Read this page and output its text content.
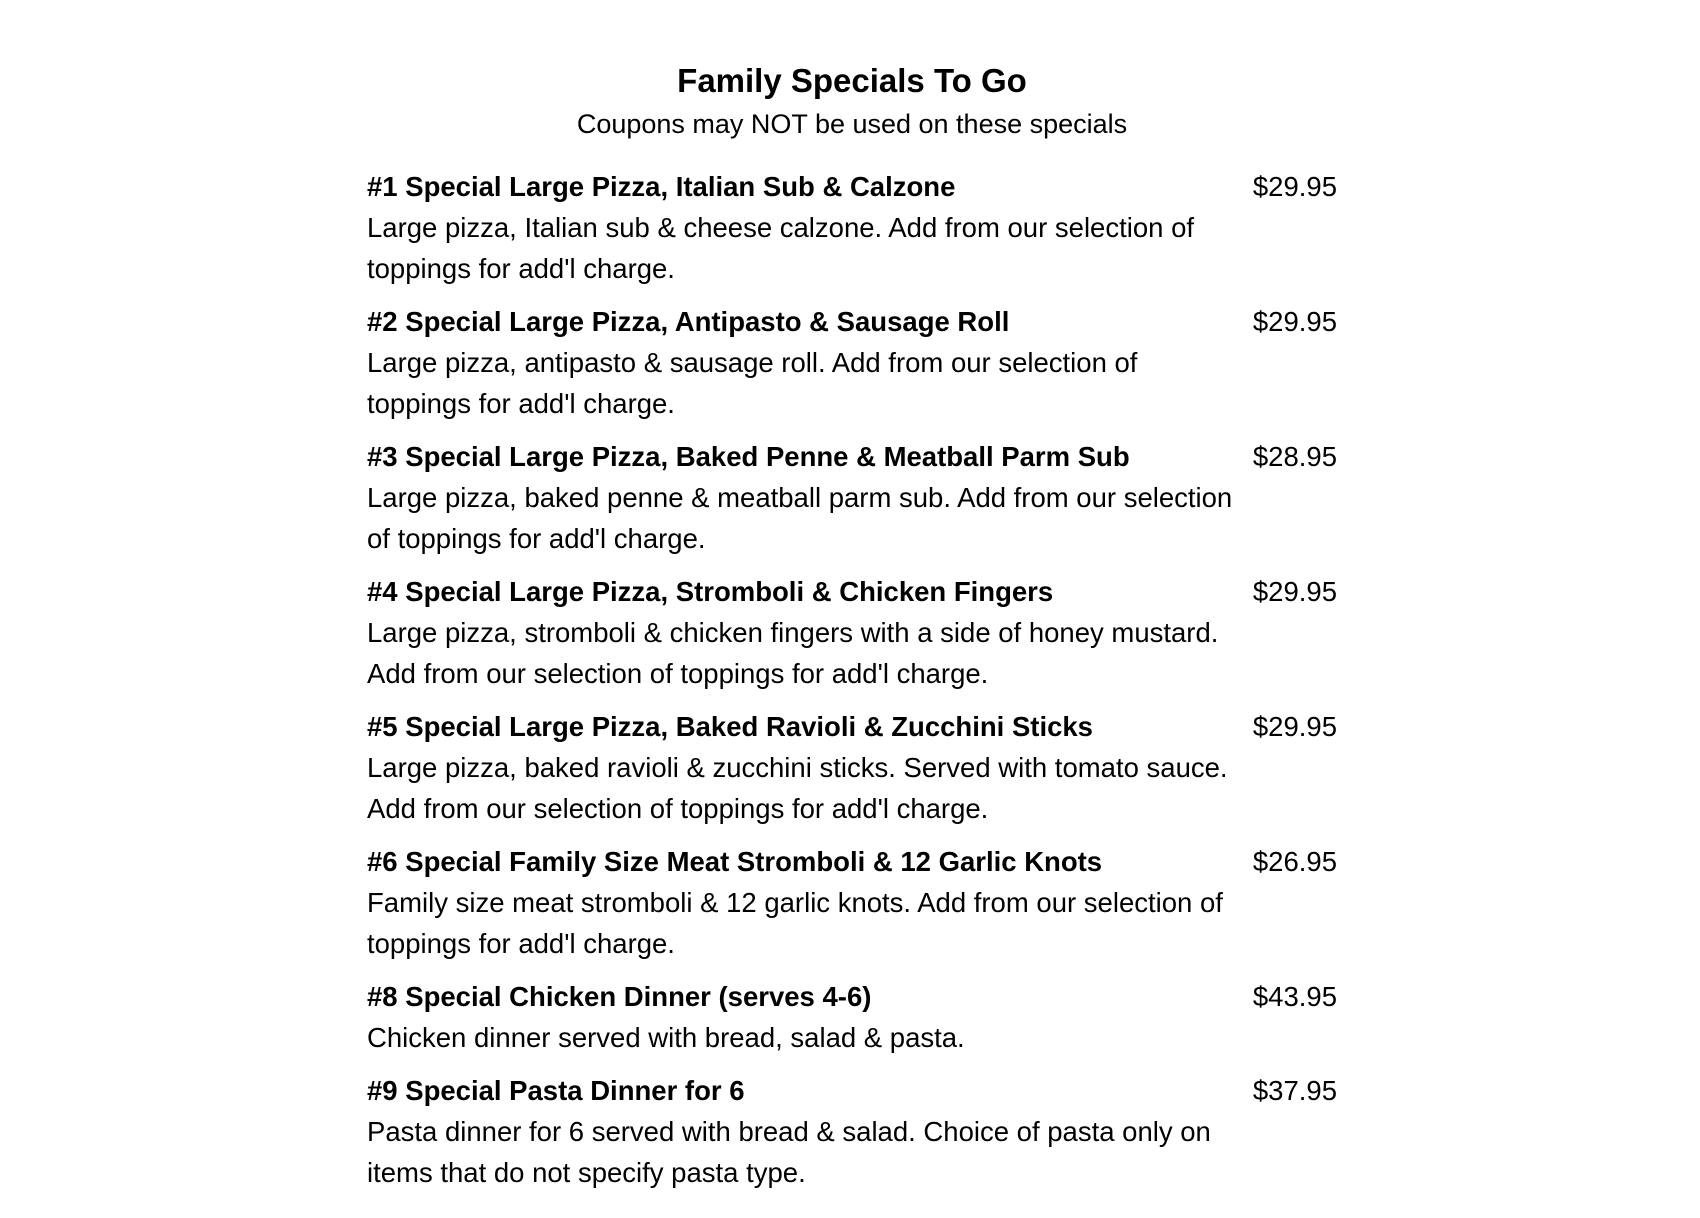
Family Specials To Go
Coupons may NOT be used on these specials
#1 Special Large Pizza, Italian Sub & Calzone
Large pizza, Italian sub & cheese calzone. Add from our selection of toppings for add'l charge.
$29.95
#2 Special Large Pizza, Antipasto & Sausage Roll
Large pizza, antipasto & sausage roll. Add from our selection of toppings for add'l charge.
$29.95
#3 Special Large Pizza, Baked Penne & Meatball Parm Sub
Large pizza, baked penne & meatball parm sub. Add from our selection of toppings for add'l charge.
$28.95
#4 Special Large Pizza, Stromboli & Chicken Fingers
Large pizza, stromboli & chicken fingers with a side of honey mustard. Add from our selection of toppings for add'l charge.
$29.95
#5 Special Large Pizza, Baked Ravioli & Zucchini Sticks
Large pizza, baked ravioli & zucchini sticks. Served with tomato sauce. Add from our selection of toppings for add'l charge.
$29.95
#6 Special Family Size Meat Stromboli & 12 Garlic Knots
Family size meat stromboli & 12 garlic knots. Add from our selection of toppings for add'l charge.
$26.95
#8 Special Chicken Dinner (serves 4-6)
Chicken dinner served with bread, salad & pasta.
$43.95
#9 Special Pasta Dinner for 6
Pasta dinner for 6 served with bread & salad. Choice of pasta only on items that do not specify pasta type.
$37.95
